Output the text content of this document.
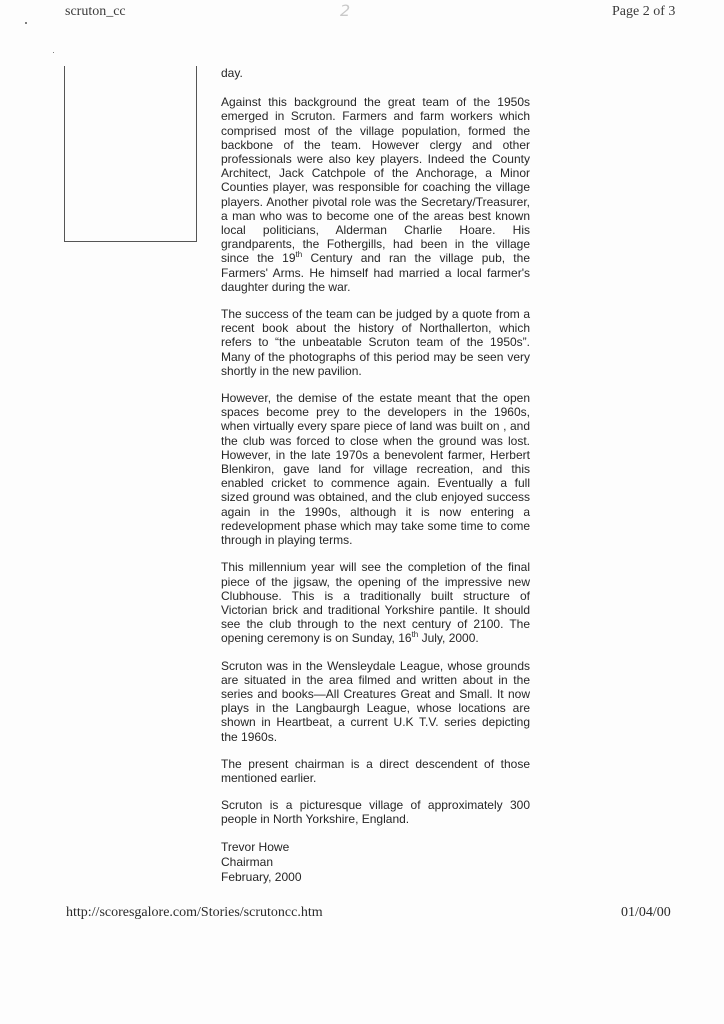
scruton_cc	2	Page 2 of 3

day.

Against this background the great team of the 1950s emerged in Scruton. Farmers and farm workers which comprised most of the village population, formed the backbone of the team. However clergy and other professionals were also key players. Indeed the County Architect, Jack Catchpole of the Anchorage, a Minor Counties player, was responsible for coaching the village players. Another pivotal role was the Secretary/Treasurer, a man who was to become one of the areas best known local politicians, Alderman Charlie Hoare. His grandparents, the Fothergills, had been in the village since the 19th Century and ran the village pub, the Farmers' Arms. He himself had married a local farmer's daughter during the war.

The success of the team can be judged by a quote from a recent book about the history of Northallerton, which refers to “the unbeatable Scruton team of the 1950s”. Many of the photographs of this period may be seen very shortly in the new pavilion.

However, the demise of the estate meant that the open spaces become prey to the developers in the 1960s, when virtually every spare piece of land was built on , and the club was forced to close when the ground was lost. However, in the late 1970s a benevolent farmer, Herbert Blenkiron, gave land for village recreation, and this enabled cricket to commence again. Eventually a full sized ground was obtained, and the club enjoyed success again in the 1990s, although it is now entering a redevelopment phase which may take some time to come through in playing terms.

This millennium year will see the completion of the final piece of the jigsaw, the opening of the impressive new Clubhouse. This is a traditionally built structure of Victorian brick and traditional Yorkshire pantile. It should see the club through to the next century of 2100. The opening ceremony is on Sunday, 16th July, 2000.

Scruton was in the Wensleydale League, whose grounds are situated in the area filmed and written about in the series and books—All Creatures Great and Small. It now plays in the Langbaurgh League, whose locations are shown in Heartbeat, a current U.K T.V. series depicting the 1960s.

The present chairman is a direct descendent of those mentioned earlier.

Scruton is a picturesque village of approximately 300 people in North Yorkshire, England.

Trevor Howe
Chairman
February, 2000
http://scoresgalore.com/Stories/scrutoncc.htm	01/04/00
